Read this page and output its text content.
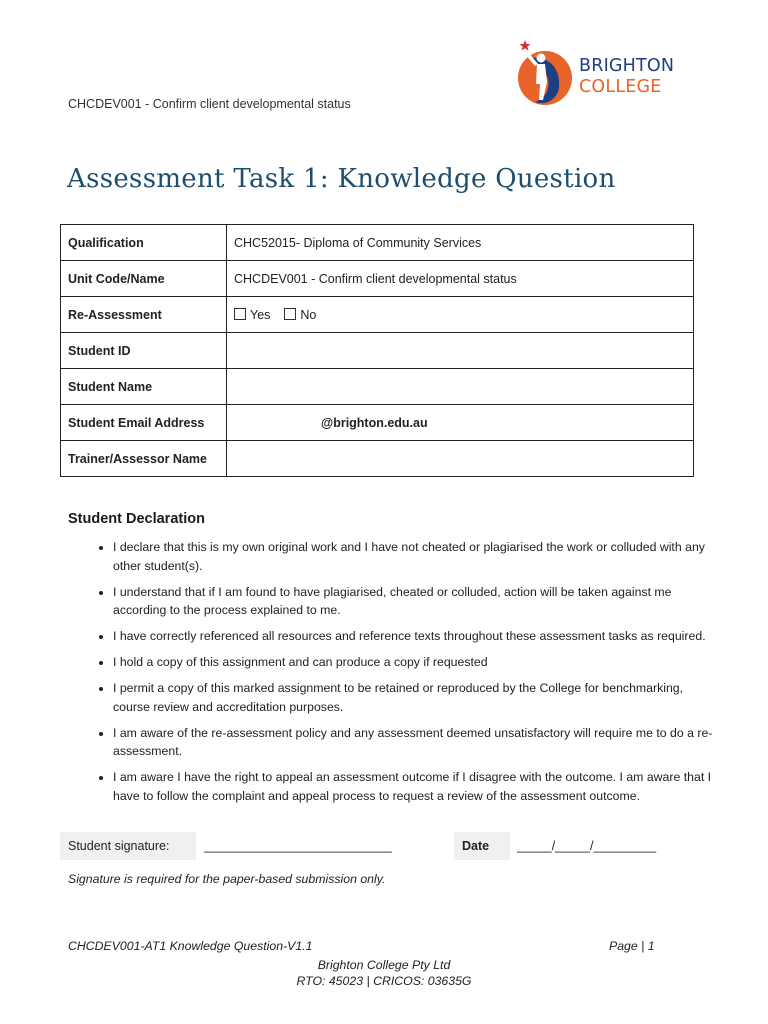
CHCDEV001 - Confirm client developmental status
BRIGHTON
COLLEGE
Assessment Task 1: Knowledge Question
Qualification	CHC52015- Diploma of Community Services
Unit Code/Name	CHCDEV001 - Confirm client developmental status
Re-Assessment	Yes No
Student ID	
Student Name	
Student Email Address	@brighton.edu.au
Trainer/Assessor Name	
Student Declaration
• I declare that this is my own original work and I have not cheated or plagiarised the work or colluded with any other student(s).
• I understand that if I am found to have plagiarised, cheated or colluded, action will be taken against me according to the process explained to me.
• I have correctly referenced all resources and reference texts throughout these assessment tasks as required.
• I hold a copy of this assignment and can produce a copy if requested
• I permit a copy of this marked assignment to be retained or reproduced by the College for benchmarking, course review and accreditation purposes.
• I am aware of the re-assessment policy and any assessment deemed unsatisfactory will require me to do a re-assessment.
• I am aware I have the right to appeal an assessment outcome if I disagree with the outcome. I am aware that I have to follow the complaint and appeal process to request a review of the assessment outcome.
Student signature:	___________________________	Date	_____/_____/_________
Signature is required for the paper-based submission only.
CHCDEV001-AT1 Knowledge Question-V1.1	Page | 1
Brighton College Pty Ltd
RTO: 45023 | CRICOS: 03635G
